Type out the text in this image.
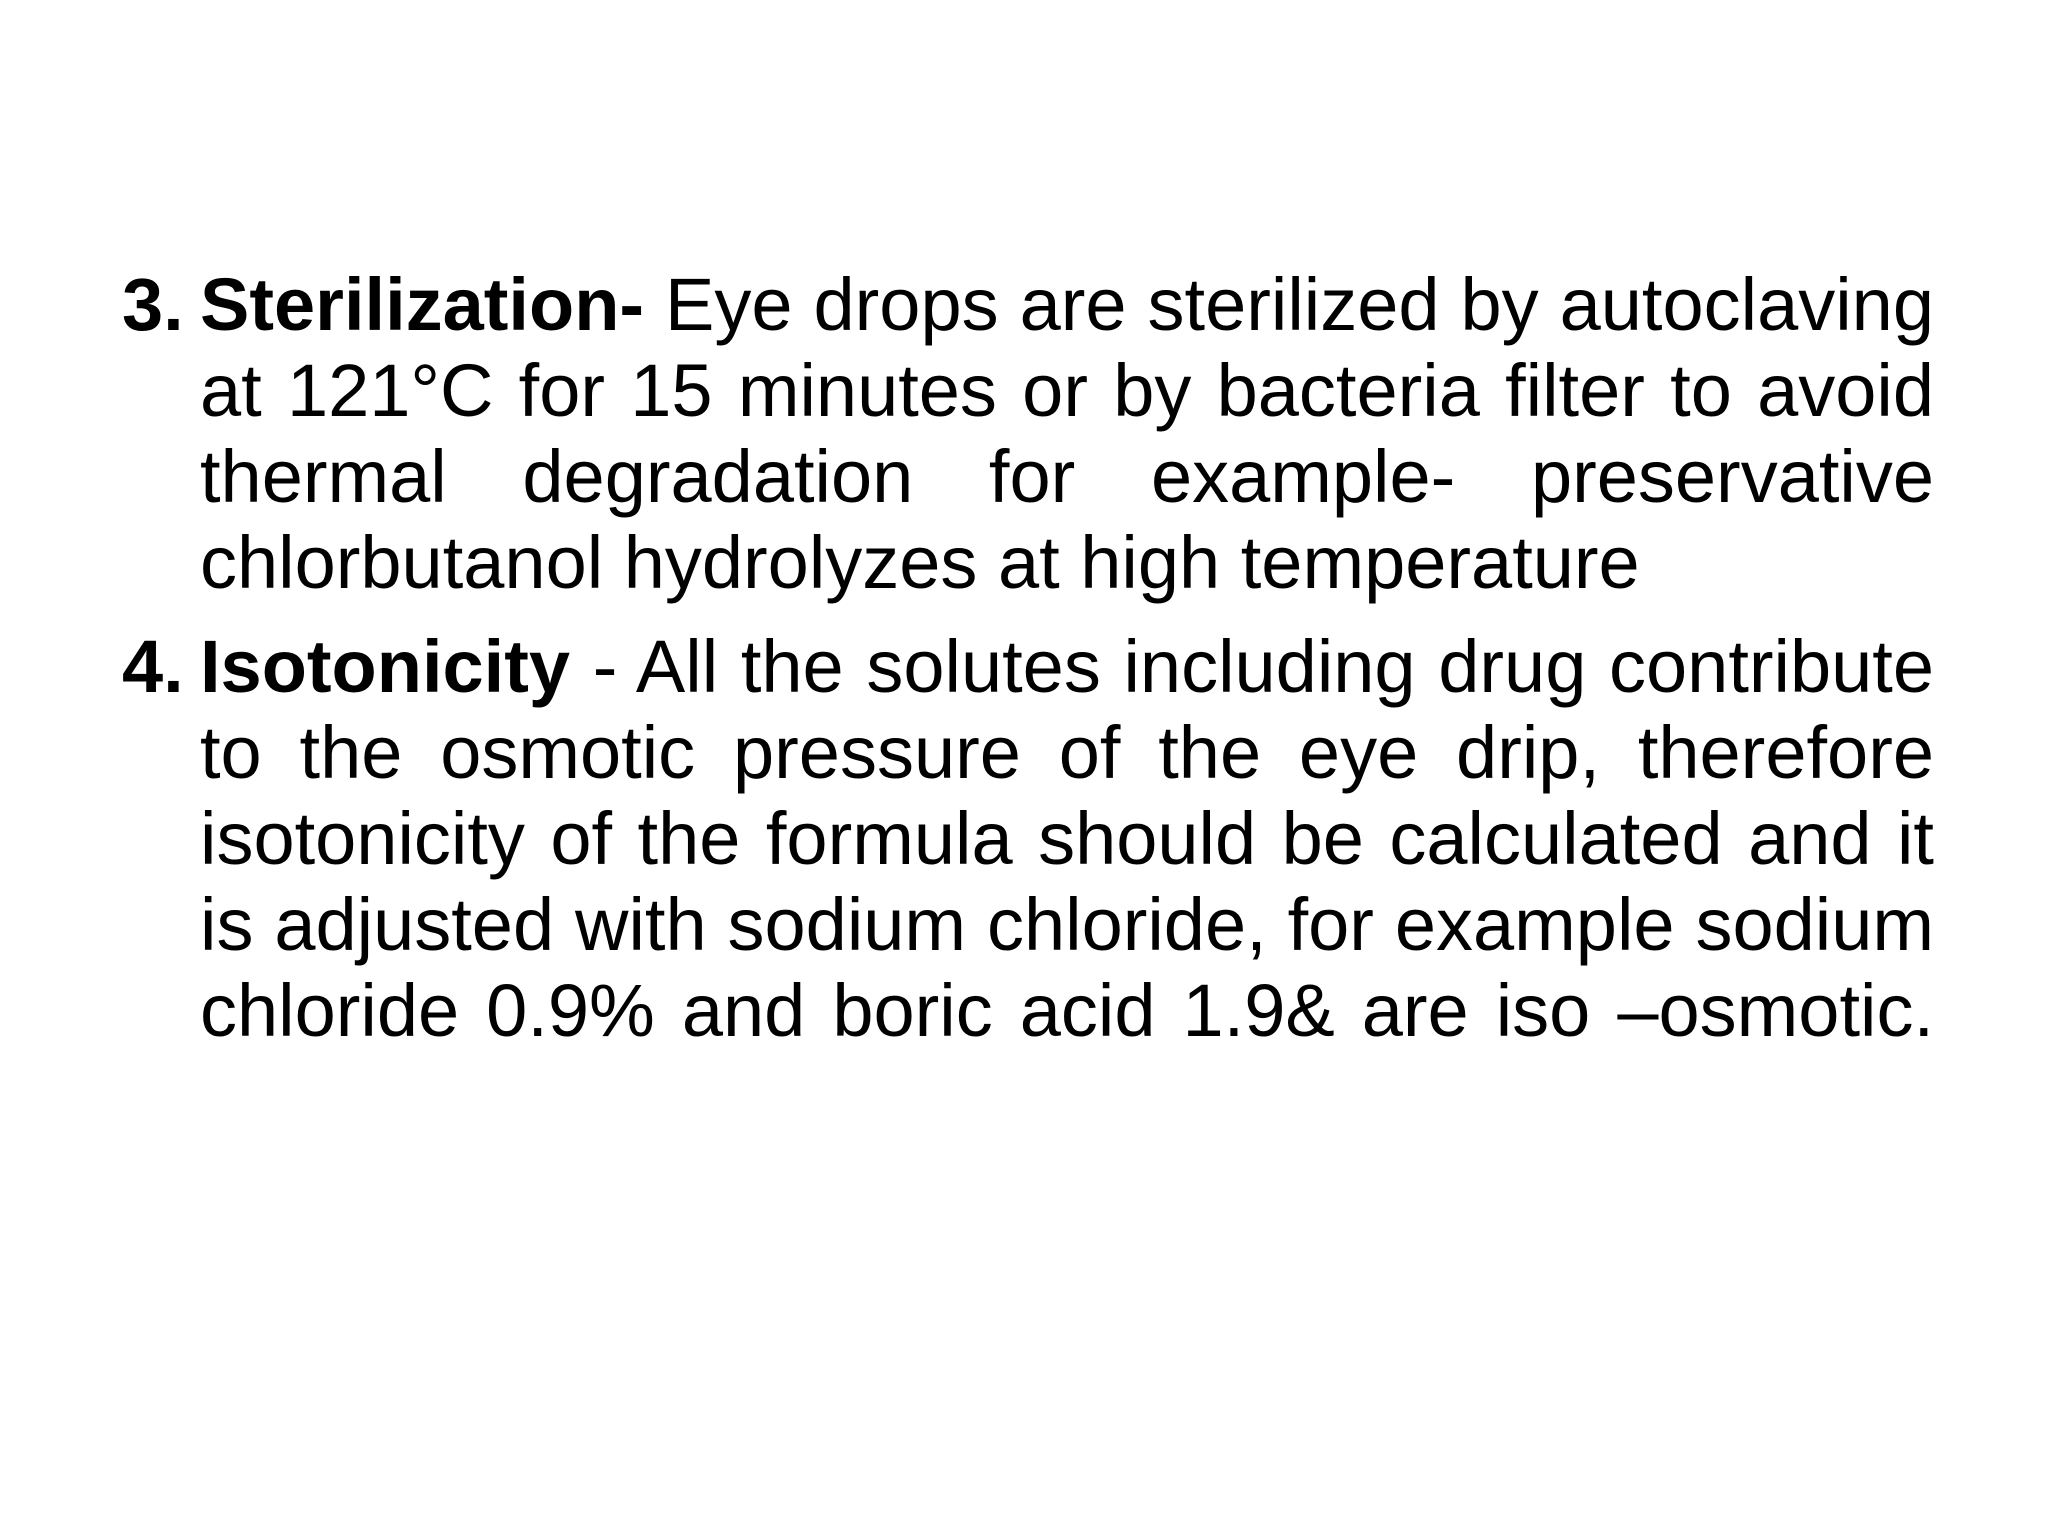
3. Sterilization- Eye drops are sterilized by autoclaving at 121°C for 15 minutes or by bacteria filter to avoid thermal degradation for example- preservative chlorbutanol hydrolyzes at high temperature
4. Isotonicity - All the solutes including drug contribute to the osmotic pressure of the eye drip, therefore isotonicity of the formula should be calculated and it is adjusted with sodium chloride, for example sodium chloride 0.9% and boric acid 1.9& are iso –osmotic.
